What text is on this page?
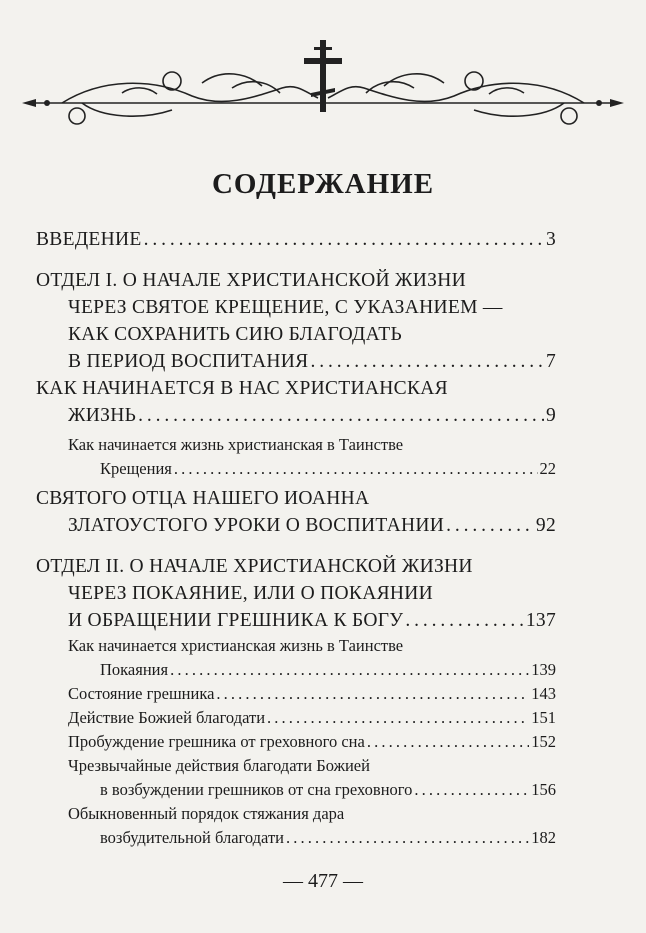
СОДЕРЖАНИЕ
ВВЕДЕНИЕ . . .	3
ОТДЕЛ I. О НАЧАЛЕ ХРИСТИАНСКОЙ ЖИЗНИ
ЧЕРЕЗ СВЯТОЕ КРЕЩЕНИЕ, С УКАЗАНИЕМ —
КАК СОХРАНИТЬ СИЮ БЛАГОДАТЬ
В ПЕРИОД ВОСПИТАНИЯ . . .	7
КАК НАЧИНАЕТСЯ В НАС ХРИСТИАНСКАЯ
ЖИЗНЬ . . .	9
Как начинается жизнь христианская в Таинстве
Крещения . . .	22
СВЯТОГО ОТЦА НАШЕГО ИОАННА
ЗЛАТОУСТОГО УРОКИ О ВОСПИТАНИИ . . .	92
ОТДЕЛ II. О НАЧАЛЕ ХРИСТИАНСКОЙ ЖИЗНИ
ЧЕРЕЗ ПОКАЯНИЕ, ИЛИ О ПОКАЯНИИ
И ОБРАЩЕНИИ ГРЕШНИКА К БОГУ . . .	137
Как начинается христианская жизнь в Таинстве
Покаяния . . .	139
Состояние грешника . . .	143
Действие Божией благодати . . .	151
Пробуждение грешника от греховного сна . . .	152
Чрезвычайные действия благодати Божией
в возбуждении грешников от сна греховного . . .	156
Обыкновенный порядок стяжания дара
возбудительной благодати . . .	182
— 477 —
